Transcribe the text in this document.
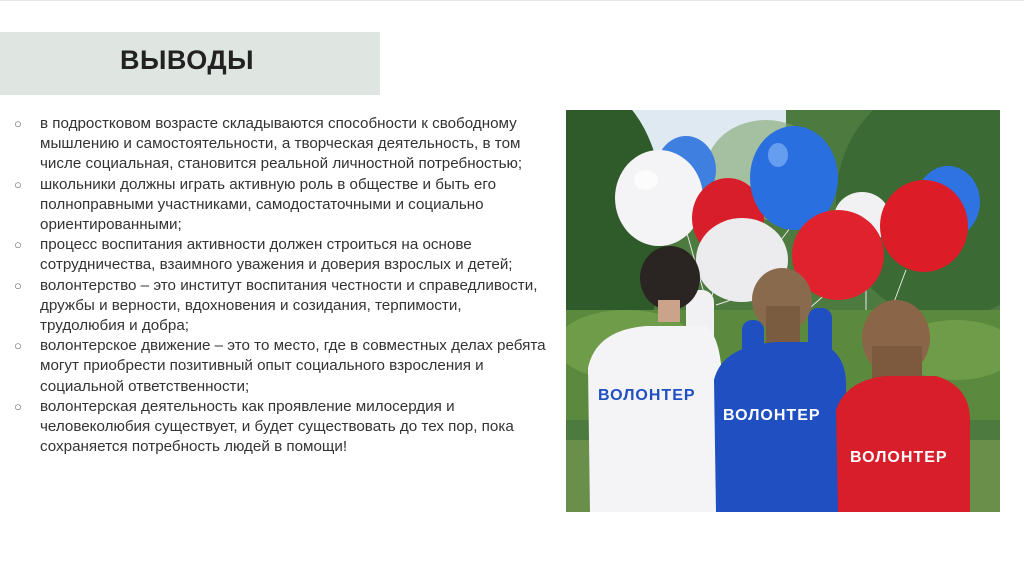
ВЫВОДЫ
○ в подростковом возрасте складываются способности к свободному мышлению и самостоятельности, а творческая деятельность, в том числе социальная, становится реальной личностной потребностью;
○ школьники должны играть активную роль в обществе и быть его полноправными участниками, самодостаточными и социально ориентированными;
○ процесс воспитания активности должен строиться на основе сотрудничества, взаимного уважения и доверия взрослых и детей;
○ волонтерство – это институт воспитания честности и справедливости, дружбы и верности, вдохновения и созидания, терпимости, трудолюбия и добра;
○ волонтерское движение – это то место, где в совместных делах ребята могут приобрести позитивный опыт социального взросления и социальной ответственности;
○ волонтерская деятельность как проявление милосердия и человеколюбия существует, и будет существовать до тех пор, пока сохраняется потребность людей в помощи!
ВОЛОНТЕР
ВОЛОНТЕР
ВОЛОНТЕР
